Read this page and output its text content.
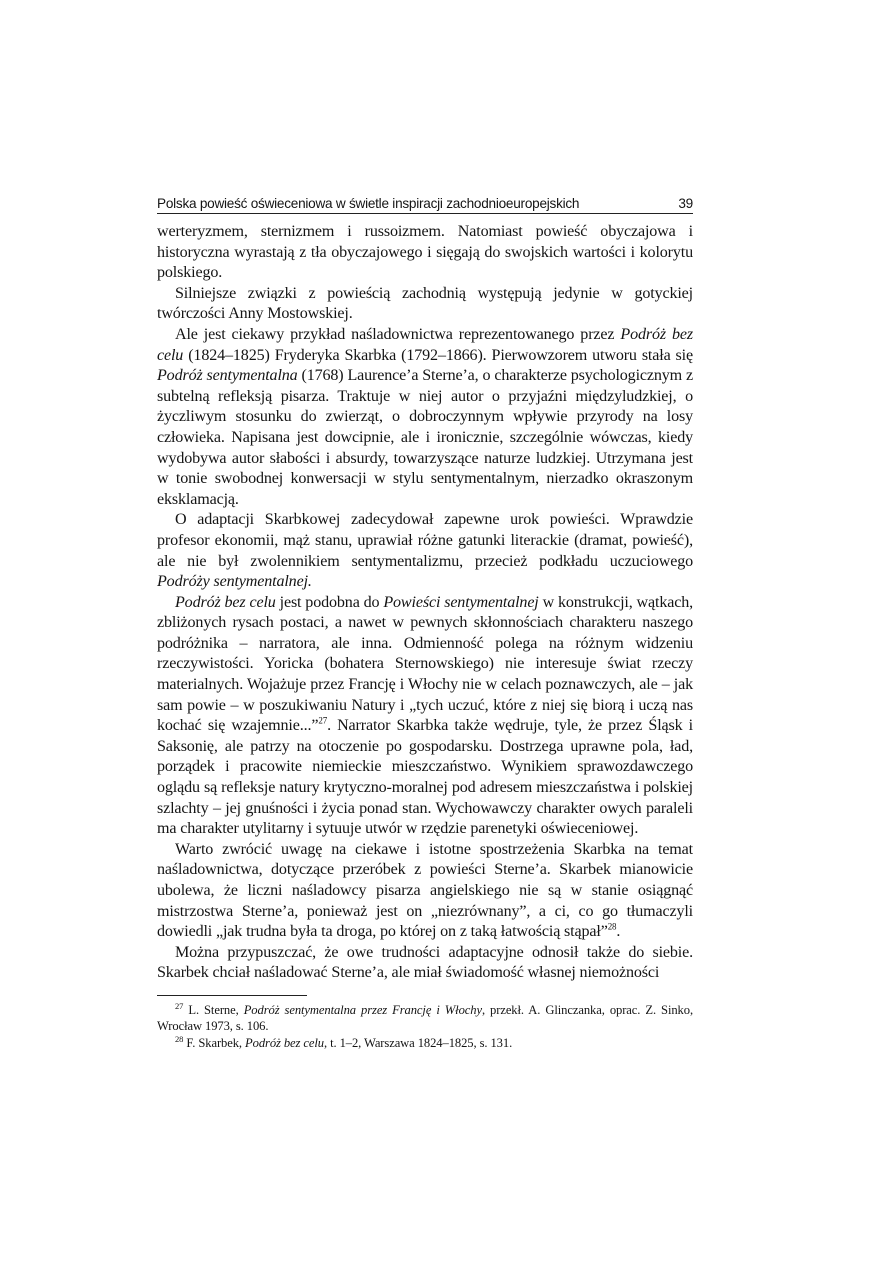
Polska powieść oświeceniowa w świetle inspiracji zachodnioeuropejskich	39

werteryzmem, sternizmem i russoizmem. Natomiast powieść obyczajowa i historyczna wyrastają z tła obyczajowego i sięgają do swojskich wartości i kolorytu polskiego.

Silniejsze związki z powieścią zachodnią występują jedynie w gotyckiej twórczości Anny Mostowskiej.

Ale jest ciekawy przykład naśladownictwa reprezentowanego przez Podróż bez celu (1824–1825) Fryderyka Skarbka (1792–1866). Pierwowzorem utworu stała się Podróż sentymentalna (1768) Laurence’a Sterne’a, o charakterze psychologicznym z subtelną refleksją pisarza. Traktuje w niej autor o przyjaźni międzyludzkiej, o życzliwym stosunku do zwierząt, o dobroczynnym wpływie przyrody na losy człowieka. Napisana jest dowcipnie, ale i ironicznie, szczególnie wówczas, kiedy wydobywa autor słabości i absurdy, towarzyszące naturze ludzkiej. Utrzymana jest w tonie swobodnej konwersacji w stylu sentymentalnym, nierzadko okraszonym eksklamacją.

O adaptacji Skarbkowej zadecydował zapewne urok powieści. Wprawdzie profesor ekonomii, mąż stanu, uprawiał różne gatunki literackie (dramat, powieść), ale nie był zwolennikiem sentymentalizmu, przecież podkładu uczuciowego Podróży sentymentalnej.

Podróż bez celu jest podobna do Powieści sentymentalnej w konstrukcji, wątkach, zbliżonych rysach postaci, a nawet w pewnych skłonnościach charakteru naszego podróżnika – narratora, ale inna. Odmienność polega na różnym widzeniu rzeczywistości. Yoricka (bohatera Sternowskiego) nie interesuje świat rzeczy materialnych. Wojażuje przez Francję i Włochy nie w celach poznawczych, ale – jak sam powie – w poszukiwaniu Natury i „tych uczuć, które z niej się biorą i uczą nas kochać się wzajemnie...”$^{27}$. Narrator Skarbka także wędruje, tyle, że przez Śląsk i Saksonię, ale patrzy na otoczenie po gospodarsku. Dostrzega uprawne pola, ład, porządek i pracowite niemieckie mieszczaństwo. Wynikiem sprawozdawczego oglądu są refleksje natury krytyczno-moralnej pod adresem mieszczaństwa i polskiej szlachty – jej gnuśności i życia ponad stan. Wychowawczy charakter owych paraleli ma charakter utylitarny i sytuuje utwór w rzędzie parenetyki oświeceniowej.

Warto zwrócić uwagę na ciekawe i istotne spostrzeżenia Skarbka na temat naśladownictwa, dotyczące przeróbek z powieści Sterne’a. Skarbek mianowicie ubolewa, że liczni naśladowcy pisarza angielskiego nie są w stanie osiągnąć mistrzostwa Sterne’a, ponieważ jest on „niezrównany”, a ci, co go tłumaczyli dowiedli „jak trudna była ta droga, po której on z taką łatwością stąpał”$^{28}$.

Można przypuszczać, że owe trudności adaptacyjne odnosił także do siebie. Skarbek chciał naśladować Sterne’a, ale miał świadomość własnej niemożności

$^{27}$ L. Sterne, Podróż sentymentalna przez Francję i Włochy, przekł. A. Glinczanka, oprac. Z. Sinko, Wrocław 1973, s. 106.

$^{28}$ F. Skarbek, Podróż bez celu, t. 1–2, Warszawa 1824–1825, s. 131.
